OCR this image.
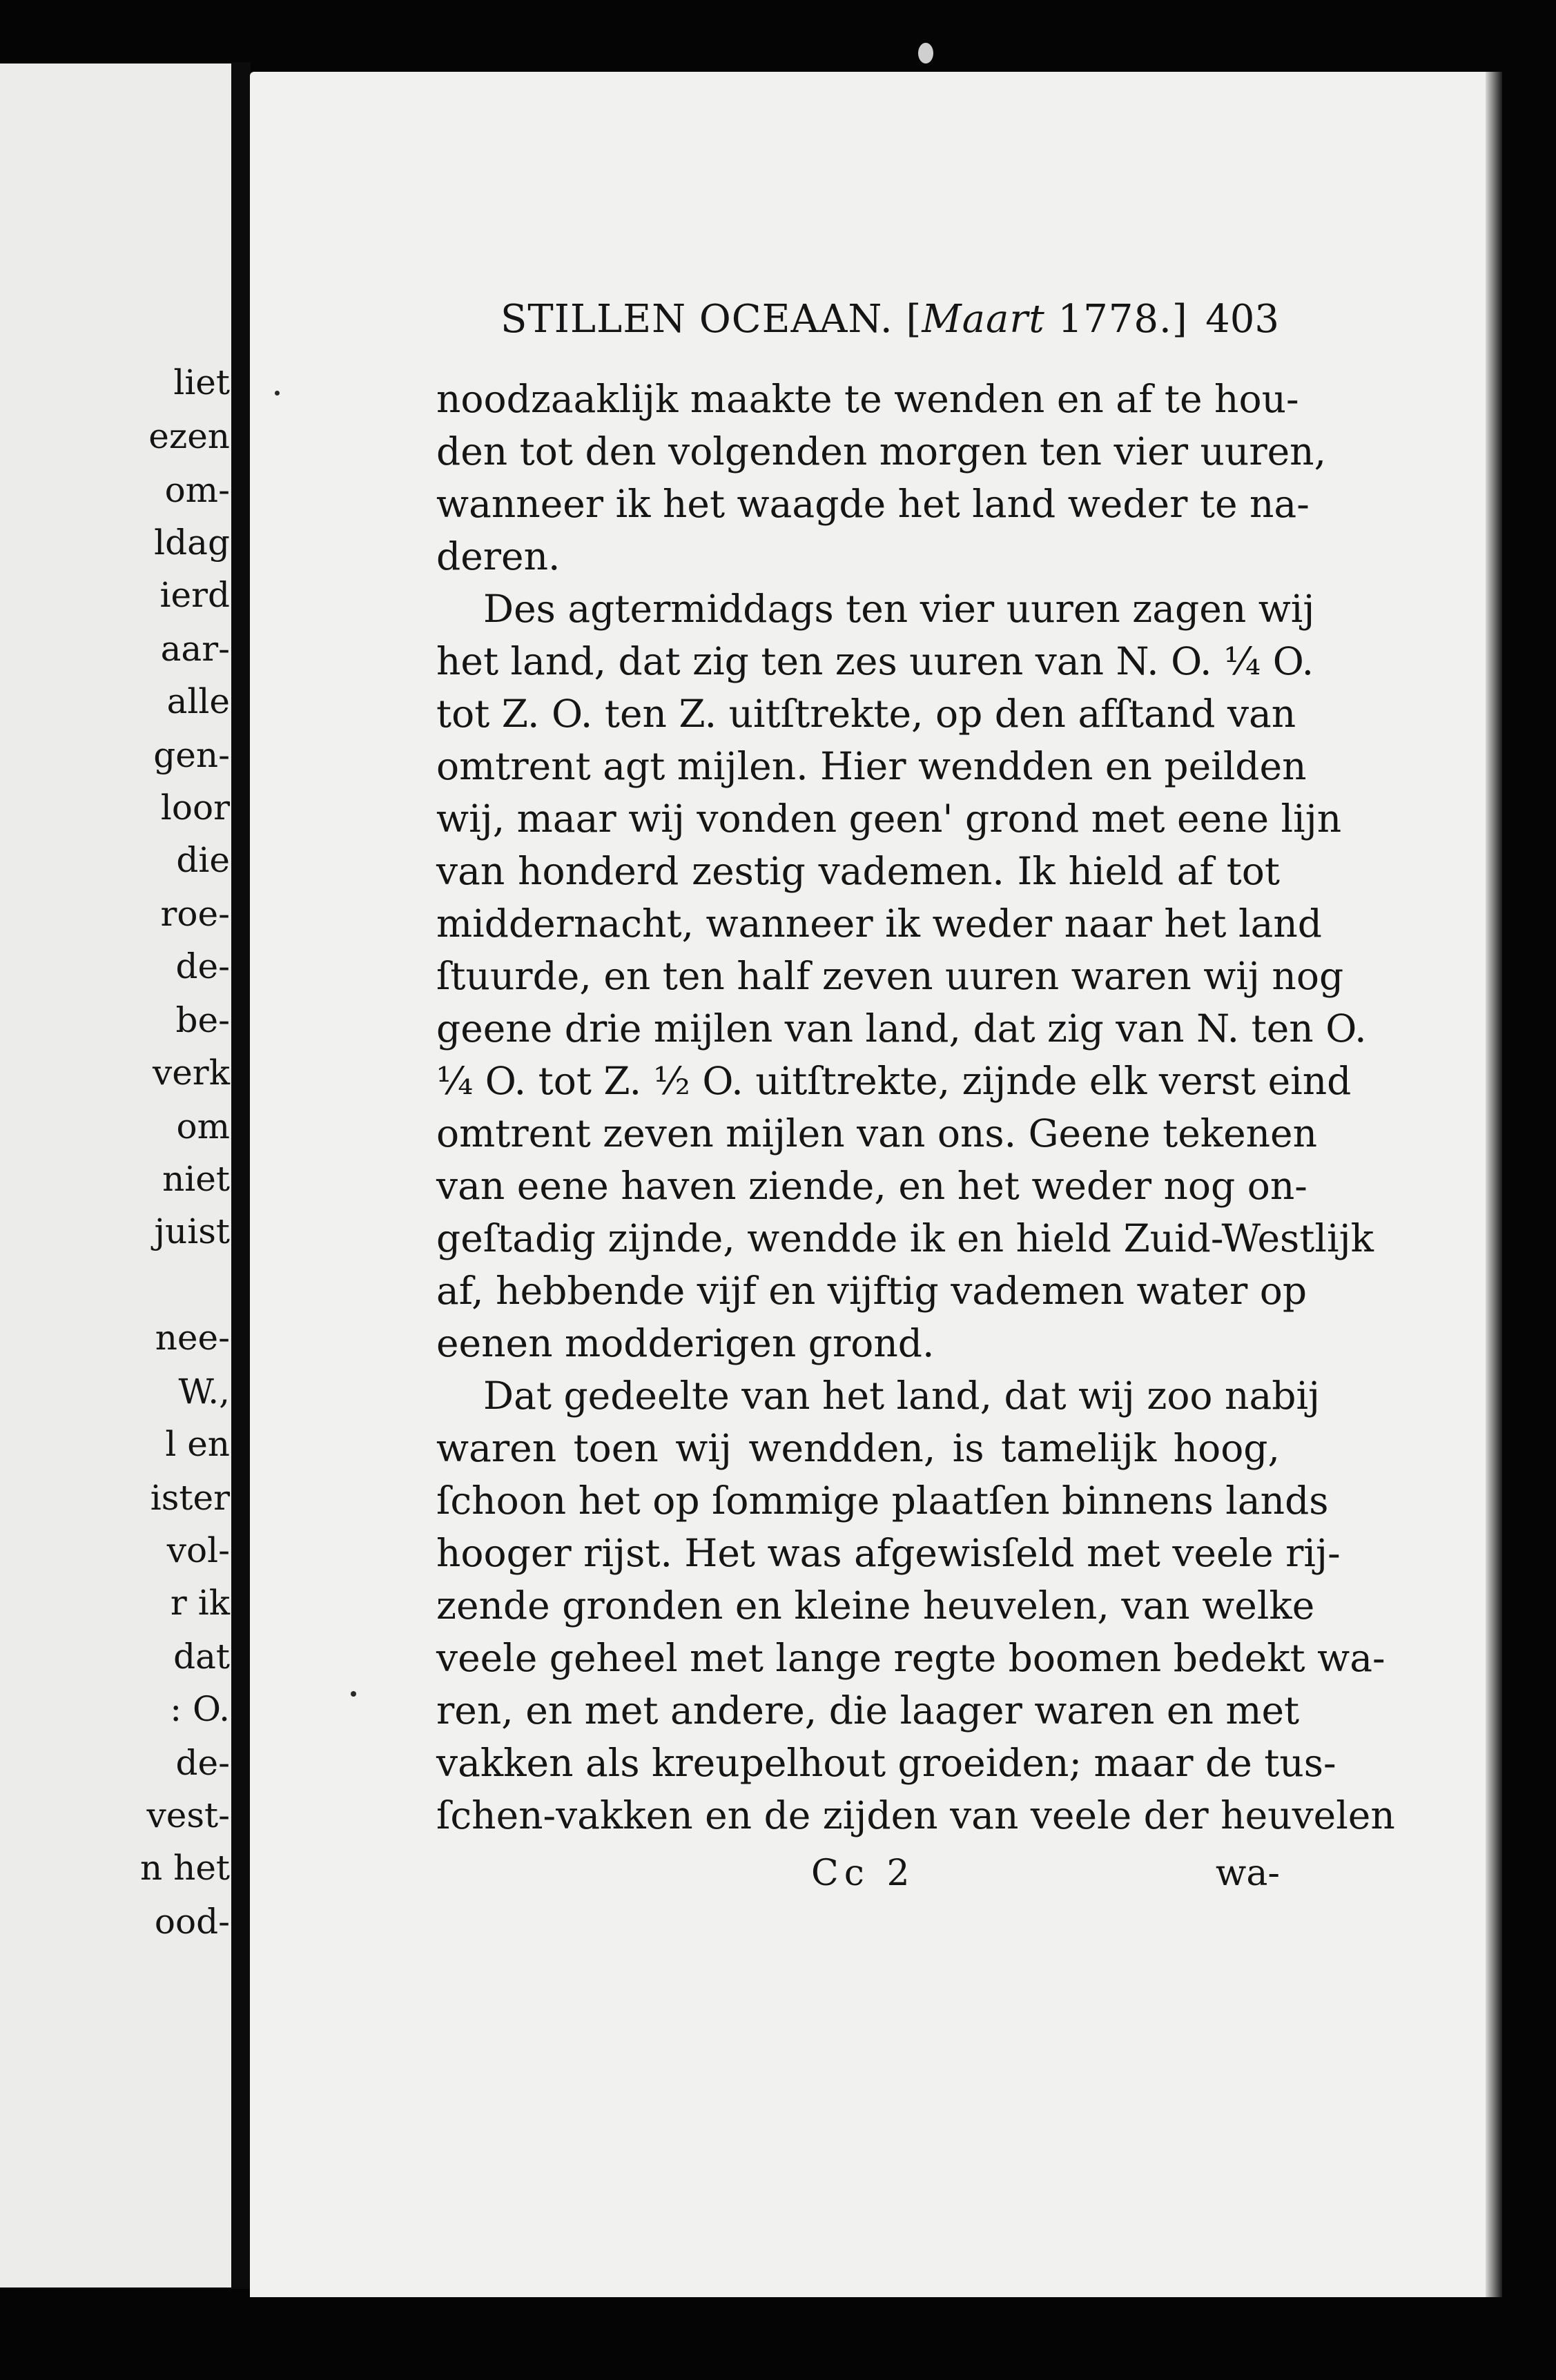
liet
ezen
om-
ldag
ierd
aar-
alle
gen-
loor
die
roe-
de-
be-
verk
om
niet
juist
nee-
W.,
l en
ister
vol-
r ik
dat
: O.
de-
vest-
n het
ood-
STILLEN OCEAAN. [Maart 1778.] 403
noodzaaklijk maakte te wenden en af te hou-
den tot den volgenden morgen ten vier uuren,
wanneer ik het waagde het land weder te na-
deren.
Des agtermiddags ten vier uuren zagen wij
het land, dat zig ten zes uuren van N. O. ¼ O.
tot Z. O. ten Z. uitſtrekte, op den afſtand van
omtrent agt mijlen. Hier wendden en peilden
wij, maar wij vonden geen' grond met eene lijn
van honderd zestig vademen. Ik hield af tot
middernacht, wanneer ik weder naar het land
ſtuurde, en ten half zeven uuren waren wij nog
geene drie mijlen van land, dat zig van N. ten O.
¼ O. tot Z. ½ O. uitſtrekte, zijnde elk verst eind
omtrent zeven mijlen van ons. Geene tekenen
van eene haven ziende, en het weder nog on-
geſtadig zijnde, wendde ik en hield Zuid-Westlijk
af, hebbende vijf en vijftig vademen water op
eenen modderigen grond.
Dat gedeelte van het land, dat wij zoo nabij
waren toen wij wendden, is tamelijk hoog,
ſchoon het op ſommige plaatſen binnens lands
hooger rijst. Het was afgewisſeld met veele rij-
zende gronden en kleine heuvelen, van welke
veele geheel met lange regte boomen bedekt wa-
ren, en met andere, die laager waren en met
vakken als kreupelhout groeiden; maar de tus-
ſchen-vakken en de zijden van veele der heuvelen
Cc 2	wa-
